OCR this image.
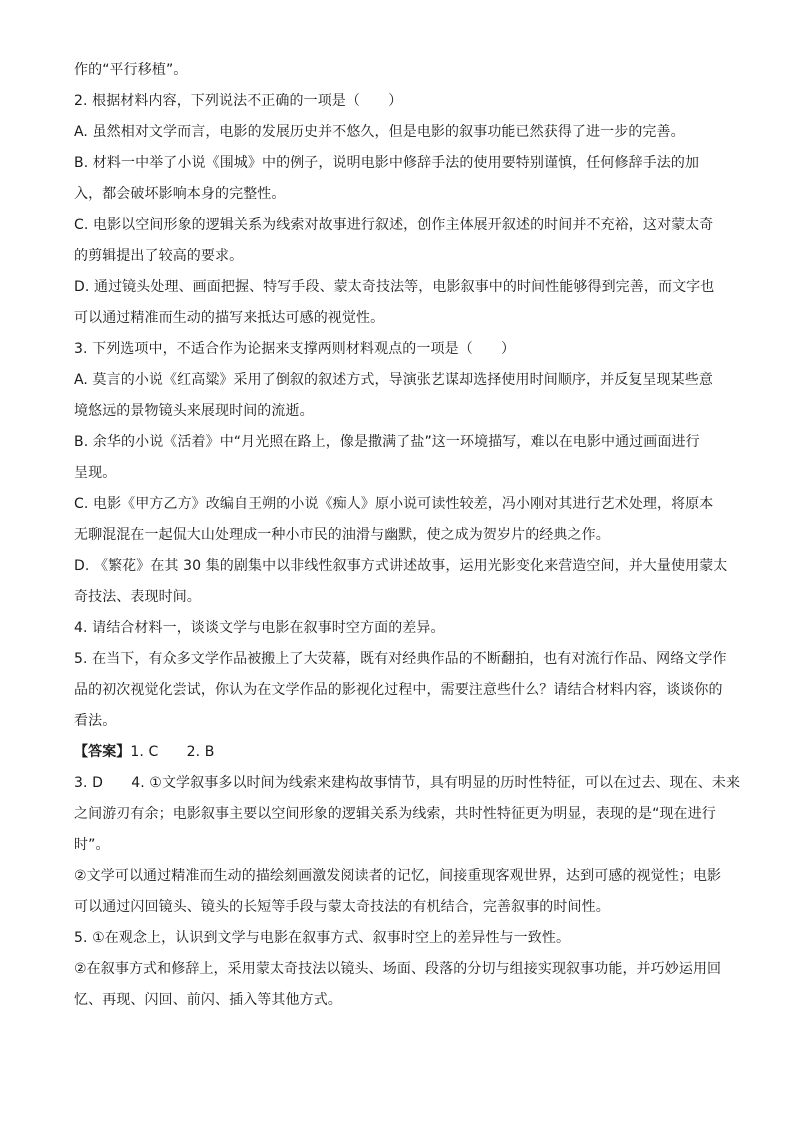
作的“平行移植”。
2. 根据材料内容，下列说法不正确的一项是（　　）
A. 虽然相对文学而言，电影的发展历史并不悠久，但是电影的叙事功能已然获得了进一步的完善。
B. 材料一中举了小说《围城》中的例子，说明电影中修辞手法的使用要特别谨慎，任何修辞手法的加
入，都会破坏影响本身的完整性。
C. 电影以空间形象的逻辑关系为线索对故事进行叙述，创作主体展开叙述的时间并不充裕，这对蒙太奇
的剪辑提出了较高的要求。
D. 通过镜头处理、画面把握、特写手段、蒙太奇技法等，电影叙事中的时间性能够得到完善，而文字也
可以通过精准而生动的描写来抵达可感的视觉性。
3. 下列选项中，不适合作为论据来支撑两则材料观点的一项是（　　）
A. 莫言的小说《红高粱》采用了倒叙的叙述方式，导演张艺谋却选择使用时间顺序，并反复呈现某些意
境悠远的景物镜头来展现时间的流逝。
B. 余华的小说《活着》中“月光照在路上，像是撒满了盐”这一环境描写，难以在电影中通过画面进行
呈现。
C. 电影《甲方乙方》改编自王朔的小说《痴人》原小说可读性较差，冯小刚对其进行艺术处理，将原本
无聊混混在一起侃大山处理成一种小市民的油滑与幽默，使之成为贺岁片的经典之作。
D. 《繁花》在其 30 集的剧集中以非线性叙事方式讲述故事，运用光影变化来营造空间，并大量使用蒙太
奇技法、表现时间。
4. 请结合材料一，谈谈文学与电影在叙事时空方面的差异。
5. 在当下，有众多文学作品被搬上了大荧幕，既有对经典作品的不断翻拍，也有对流行作品、网络文学作
品的初次视觉化尝试，你认为在文学作品的影视化过程中，需要注意些什么？请结合材料内容，谈谈你的
看法。
【答案】1. C　　2. B
3. D　　4. ①文学叙事多以时间为线索来建构故事情节，具有明显的历时性特征，可以在过去、现在、未来
之间游刃有余；电影叙事主要以空间形象的逻辑关系为线索，共时性特征更为明显，表现的是“现在进行
时”。
②文学可以通过精准而生动的描绘刻画激发阅读者的记忆，间接重现客观世界，达到可感的视觉性；电影
可以通过闪回镜头、镜头的长短等手段与蒙太奇技法的有机结合，完善叙事的时间性。
5. ①在观念上，认识到文学与电影在叙事方式、叙事时空上的差异性与一致性。
②在叙事方式和修辞上，采用蒙太奇技法以镜头、场面、段落的分切与组接实现叙事功能，并巧妙运用回
忆、再现、闪回、前闪、插入等其他方式。
